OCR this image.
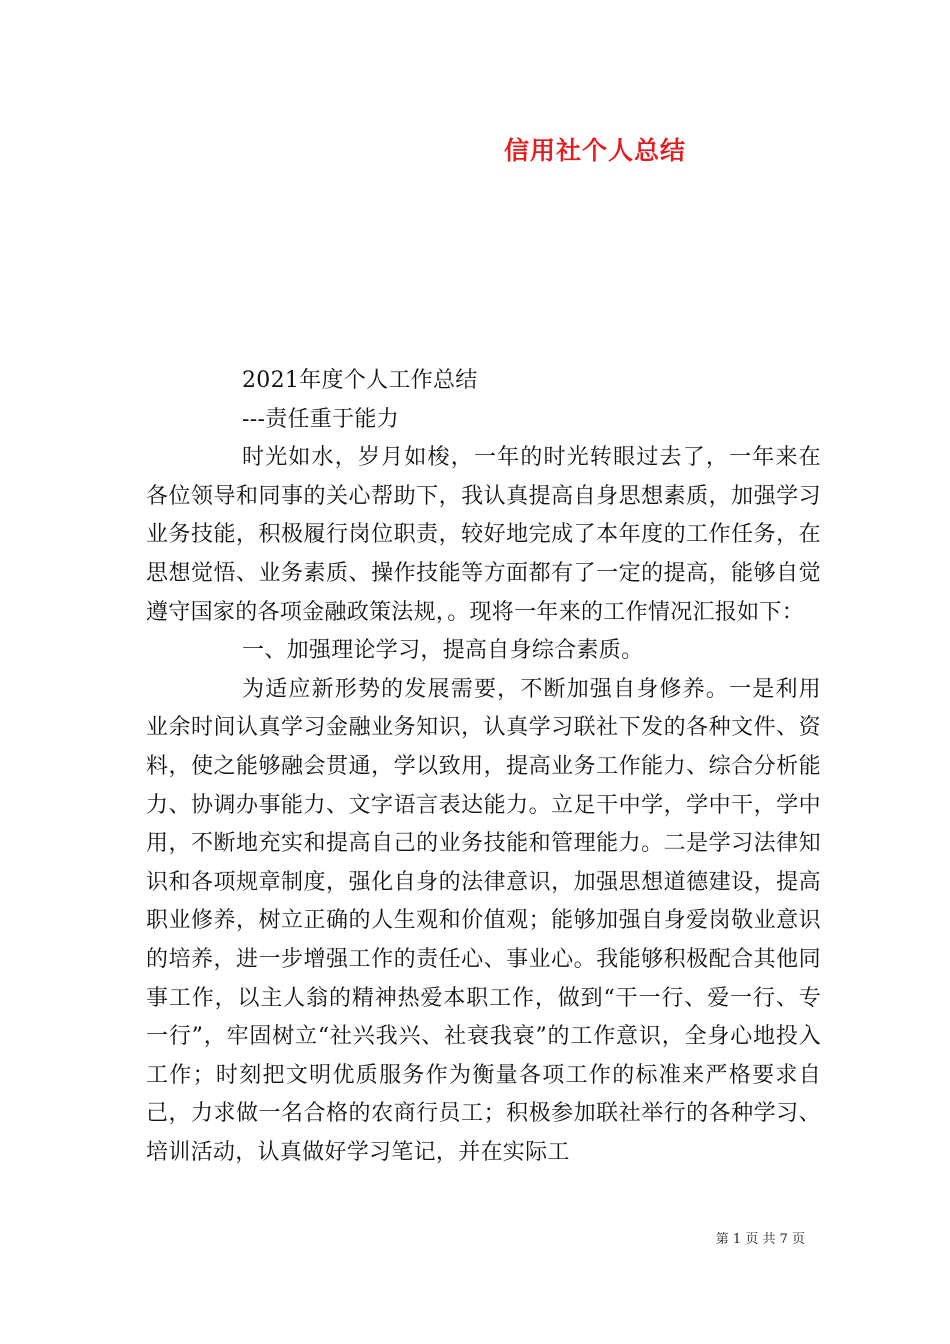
信用社个人总结

2021年度个人工作总结

---责任重于能力

时光如水，岁月如梭，一年的时光转眼过去了，一年来在各位领导和同事的关心帮助下，我认真提高自身思想素质，加强学习业务技能，积极履行岗位职责，较好地完成了本年度的工作任务，在思想觉悟、业务素质、操作技能等方面都有了一定的提高，能够自觉遵守国家的各项金融政策法规，。现将一年来的工作情况汇报如下：

一、加强理论学习，提高自身综合素质。

为适应新形势的发展需要，不断加强自身修养。一是利用业余时间认真学习金融业务知识，认真学习联社下发的各种文件、资料，使之能够融会贯通，学以致用，提高业务工作能力、综合分析能力、协调办事能力、文字语言表达能力。立足干中学，学中干，学中用，不断地充实和提高自己的业务技能和管理能力。二是学习法律知识和各项规章制度，强化自身的法律意识，加强思想道德建设，提高职业修养，树立正确的人生观和价值观；能够加强自身爱岗敬业意识的培养，进一步增强工作的责任心、事业心。我能够积极配合其他同事工作，以主人翁的精神热爱本职工作，做到“干一行、爱一行、专一行”，牢固树立“社兴我兴、社衰我衰”的工作意识，全身心地投入工作；时刻把文明优质服务作为衡量各项工作的标准来严格要求自己，力求做一名合格的农商行员工；积极参加联社举行的各种学习、培训活动，认真做好学习笔记，并在实际工

第 1 页 共 7 页
